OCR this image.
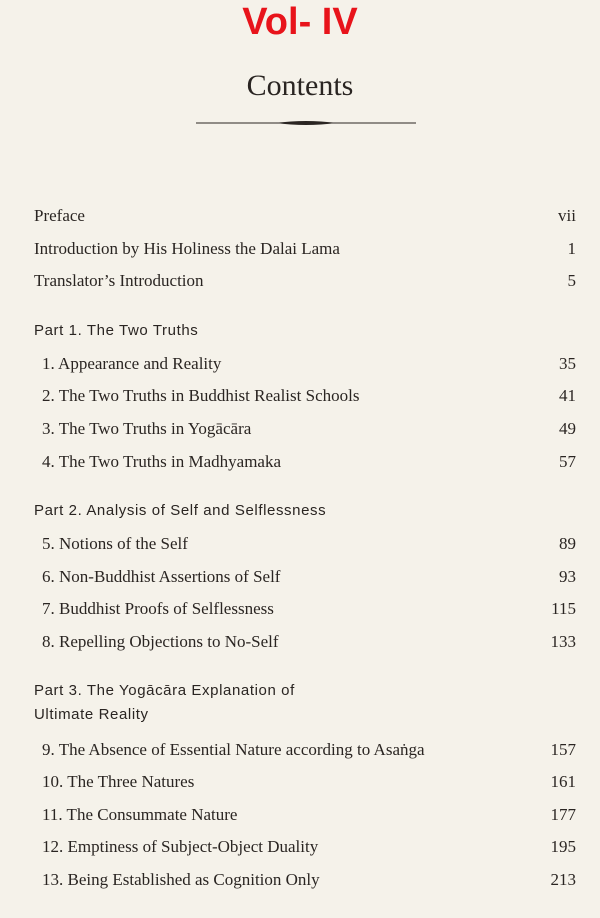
Vol- IV
Contents
Preface	vii
Introduction by His Holiness the Dalai Lama	1
Translator’s Introduction	5
Part 1. The Two Truths
1. Appearance and Reality	35
2. The Two Truths in Buddhist Realist Schools	41
3. The Two Truths in Yogācāra	49
4. The Two Truths in Madhyamaka	57
Part 2. Analysis of Self and Selflessness
5. Notions of the Self	89
6. Non-Buddhist Assertions of Self	93
7. Buddhist Proofs of Selflessness	115
8. Repelling Objections to No-Self	133
Part 3. The Yogācāra Explanation of
Ultimate Reality
9. The Absence of Essential Nature according to Asaṅga	157
10. The Three Natures	161
11. The Consummate Nature	177
12. Emptiness of Subject-Object Duality	195
13. Being Established as Cognition Only	213
